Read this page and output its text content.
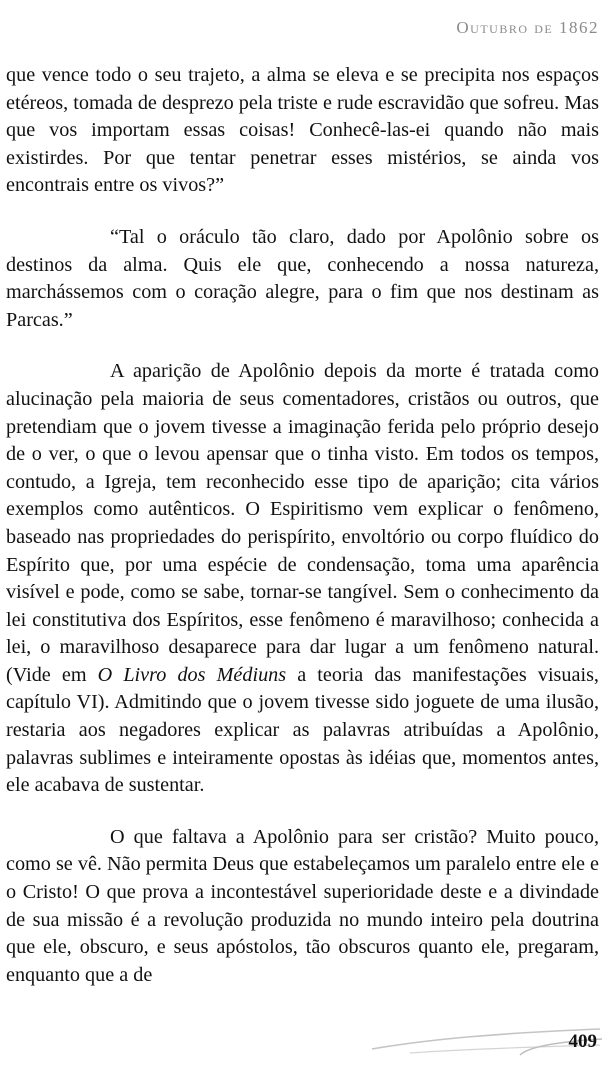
Outubro de 1862

que vence todo o seu trajeto, a alma se eleva e se precipita nos espaços etéreos, tomada de desprezo pela triste e rude escravidão que sofreu. Mas que vos importam essas coisas! Conhecê-las-ei quando não mais existirdes. Por que tentar penetrar esses mistérios, se ainda vos encontrais entre os vivos?”

“Tal o oráculo tão claro, dado por Apolônio sobre os destinos da alma. Quis ele que, conhecendo a nossa natureza, marchássemos com o coração alegre, para o fim que nos destinam as Parcas.”

A aparição de Apolônio depois da morte é tratada como alucinação pela maioria de seus comentadores, cristãos ou outros, que pretendiam que o jovem tivesse a imaginação ferida pelo próprio desejo de o ver, o que o levou apensar que o tinha visto. Em todos os tempos, contudo, a Igreja, tem reconhecido esse tipo de aparição; cita vários exemplos como autênticos. O Espiritismo vem explicar o fenômeno, baseado nas propriedades do perispírito, envoltório ou corpo fluídico do Espírito que, por uma espécie de condensação, toma uma aparência visível e pode, como se sabe, tornar-se tangível. Sem o conhecimento da lei constitutiva dos Espíritos, esse fenômeno é maravilhoso; conhecida a lei, o maravilhoso desaparece para dar lugar a um fenômeno natural. (Vide em O Livro dos Médiuns a teoria das manifestações visuais, capítulo VI). Admitindo que o jovem tivesse sido joguete de uma ilusão, restaria aos negadores explicar as palavras atribuídas a Apolônio, palavras sublimes e inteiramente opostas às idéias que, momentos antes, ele acabava de sustentar.

O que faltava a Apolônio para ser cristão? Muito pouco, como se vê. Não permita Deus que estabeleçamos um paralelo entre ele e o Cristo! O que prova a incontestável superioridade deste e a divindade de sua missão é a revolução produzida no mundo inteiro pela doutrina que ele, obscuro, e seus apóstolos, tão obscuros quanto ele, pregaram, enquanto que a de

409
